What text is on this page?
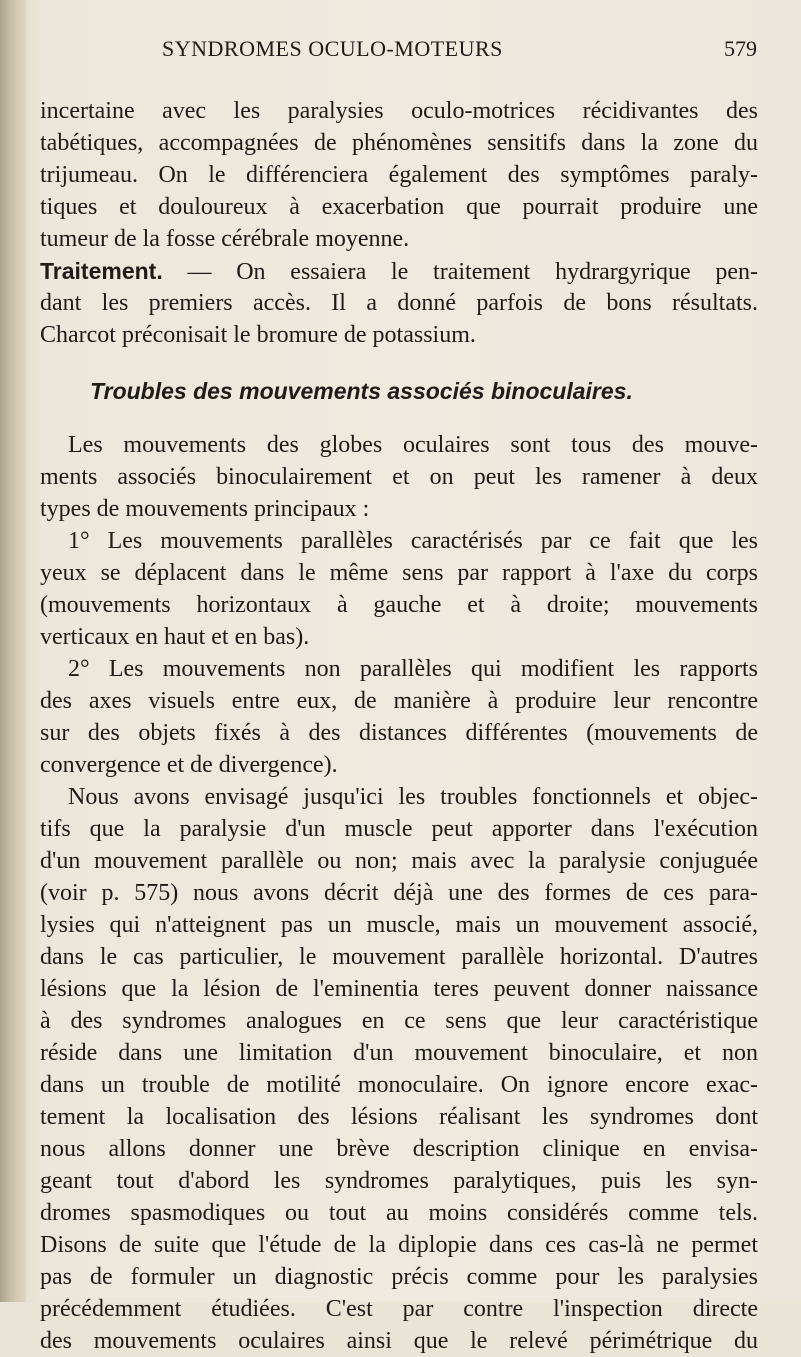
SYNDROMES OCULO-MOTEURS	579
incertaine avec les paralysies oculo-motrices récidivantes des
tabétiques, accompagnées de phénomènes sensitifs dans la zone du
trijumeau. On le différenciera également des symptômes paraly-
tiques et douloureux à exacerbation que pourrait produire une
tumeur de la fosse cérébrale moyenne.
Traitement. — On essaiera le traitement hydrargyrique pen-
dant les premiers accès. Il a donné parfois de bons résultats.
Charcot préconisait le bromure de potassium.
Troubles des mouvements associés binoculaires.
Les mouvements des globes oculaires sont tous des mouve-
ments associés binoculairement et on peut les ramener à deux
types de mouvements principaux :
1° Les mouvements parallèles caractérisés par ce fait que les
yeux se déplacent dans le même sens par rapport à l'axe du corps
(mouvements horizontaux à gauche et à droite; mouvements
verticaux en haut et en bas).
2° Les mouvements non parallèles qui modifient les rapports
des axes visuels entre eux, de manière à produire leur rencontre
sur des objets fixés à des distances différentes (mouvements de
convergence et de divergence).
Nous avons envisagé jusqu'ici les troubles fonctionnels et objec-
tifs que la paralysie d'un muscle peut apporter dans l'exécution
d'un mouvement parallèle ou non; mais avec la paralysie conjuguée
(voir p. 575) nous avons décrit déjà une des formes de ces para-
lysies qui n'atteignent pas un muscle, mais un mouvement associé,
dans le cas particulier, le mouvement parallèle horizontal. D'autres
lésions que la lésion de l'eminentia teres peuvent donner naissance
à des syndromes analogues en ce sens que leur caractéristique
réside dans une limitation d'un mouvement binoculaire, et non
dans un trouble de motilité monoculaire. On ignore encore exac-
tement la localisation des lésions réalisant les syndromes dont
nous allons donner une brève description clinique en envisa-
geant tout d'abord les syndromes paralytiques, puis les syn-
dromes spasmodiques ou tout au moins considérés comme tels.
Disons de suite que l'étude de la diplopie dans ces cas-là ne permet
pas de formuler un diagnostic précis comme pour les paralysies
précédemment étudiées. C'est par contre l'inspection directe
des mouvements oculaires ainsi que le relevé périmétrique du
